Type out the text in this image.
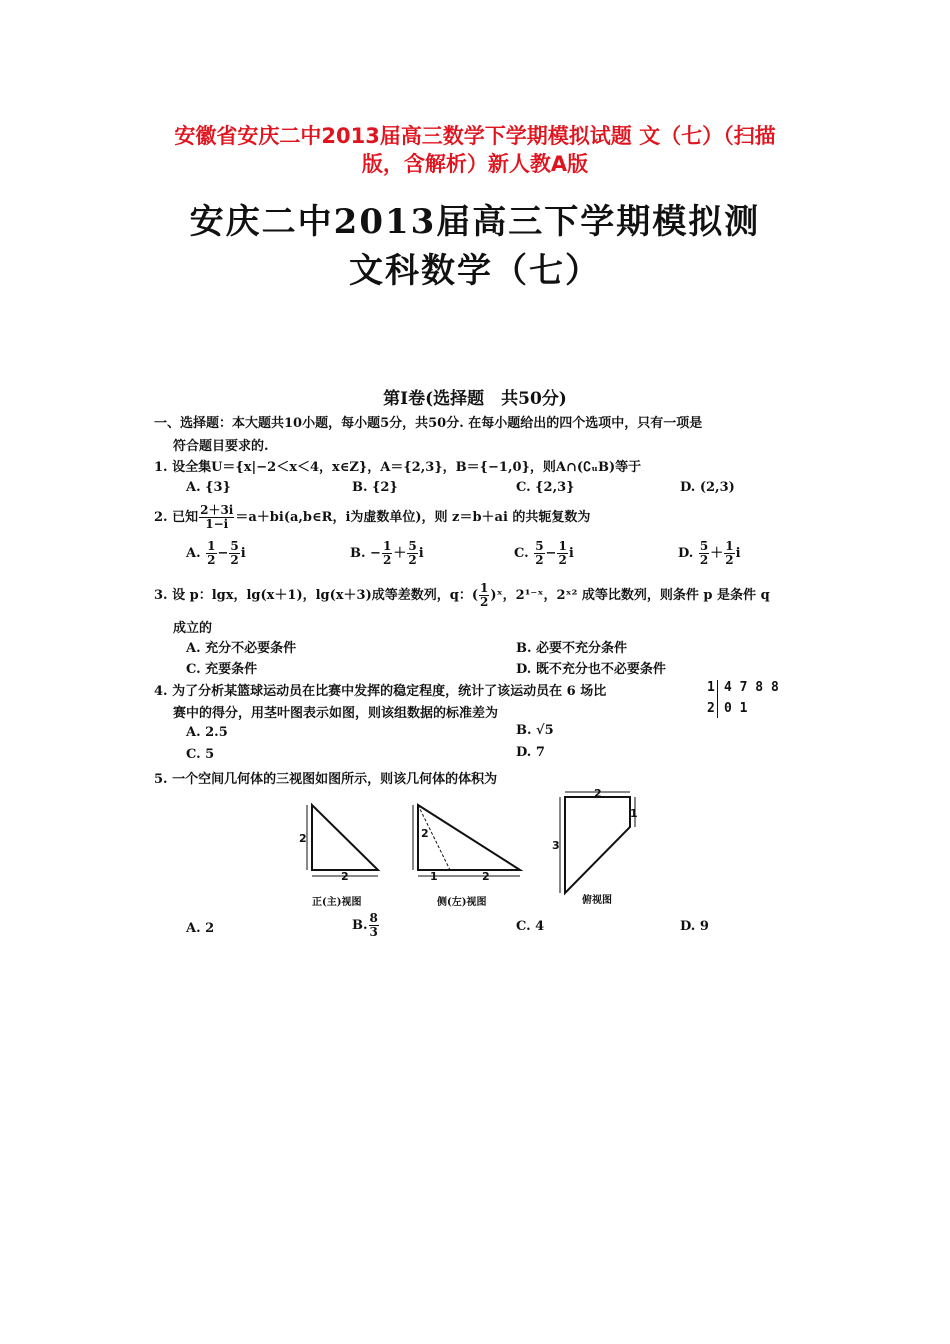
安徽省安庆二中2013届高三数学下学期模拟试题 文（七）（扫描
版，含解析）新人教A版
安庆二中2013届高三下学期模拟测
文科数学（七）
第Ⅰ卷(选择题　共50分)
一、选择题：本大题共10小题，每小题5分，共50分. 在每小题给出的四个选项中，只有一项是
符合题目要求的.
1. 设全集U＝{x|−2＜x＜4，x∈Z}，A＝{2,3}，B＝{−1,0}，则A∩(∁ᵤB)等于
A. {3}	B. {2}	C. {2,3}	D. (2,3)
2. 已知 $\frac{2+3i}{1-i}$ ＝a＋bi(a,b∈R，i为虚数单位)，则 z＝b＋ai 的共轭复数为
A. $\frac{1}{2} - \frac{5}{2}$ i	B. − $\frac{1}{2} + \frac{5}{2}$ i	C. $\frac{5}{2} - \frac{1}{2}$ i	D. $\frac{5}{2} + \frac{1}{2}$ i
3. 设 p：lgx，lg(x＋1)，lg(x＋3)成等差数列，q：( $\frac{1}{2}$ )ˣ，2¹⁻ˣ，2ˣ² 成等比数列，则条件 p 是条件 q
成立的
A. 充分不必要条件	B. 必要不充分条件
C. 充要条件	D. 既不充分也不必要条件
4. 为了分析某篮球运动员在比赛中发挥的稳定程度，统计了该运动员在 6 场比
赛中的得分，用茎叶图表示如图，则该组数据的标准差为
1 4 7 8 8
2 0 1
A. 2.5	B. √5
C. 5	D. 7
5. 一个空间几何体的三视图如图所示，则该几何体的体积为
2
2
2
1	2
2
3
1
正(主)视图	侧(左)视图	俯视图
A. 2	B. $\frac{8}{3}$	C. 4	D. 9
